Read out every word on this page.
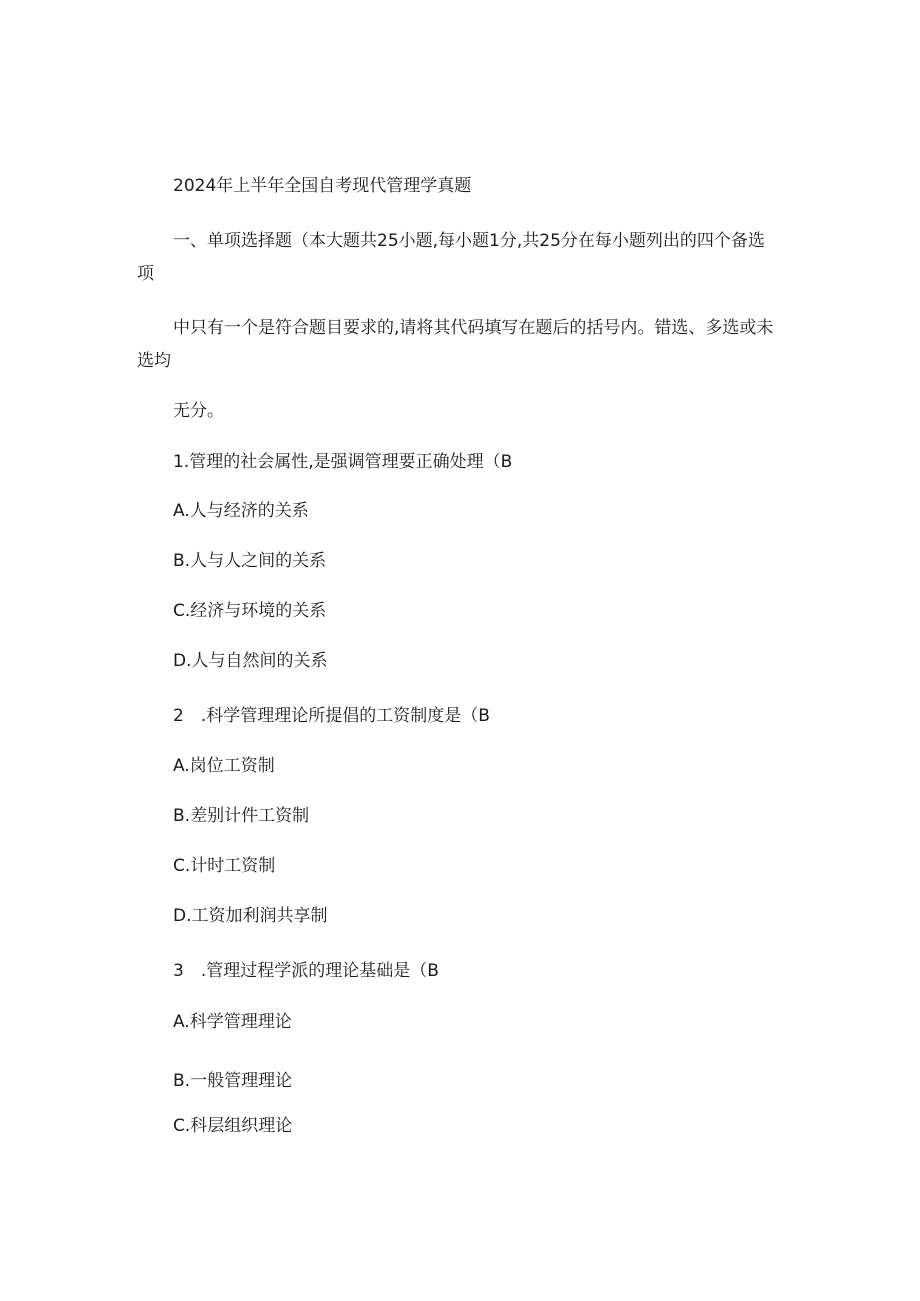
2024年上半年全国自考现代管理学真题
一、单项选择题（本大题共25小题,每小题1分,共25分在每小题列出的四个备选
项
中只有一个是符合题目要求的,请将其代码填写在题后的括号内。错选、多选或未
选均
无分。
1.管理的社会属性,是强调管理要正确处理（B
A.人与经济的关系
B.人与人之间的关系
C.经济与环境的关系
D.人与自然间的关系
2　.科学管理理论所提倡的工资制度是（B
A.岗位工资制
B.差别计件工资制
C.计时工资制
D.工资加利润共享制
3　.管理过程学派的理论基础是（B
A.科学管理理论
B.一般管理理论
C.科层组织理论
